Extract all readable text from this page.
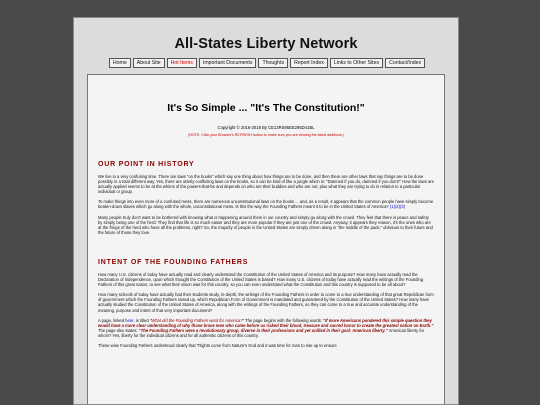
All-States Liberty Network
Home	About Site	Hot Items	Important Documents	Thoughts	Report Index	Links to Other Sites	Contact/Index
It's So Simple ... "It's The Constitution!"
Copyright © 2016-2019 By CE13RS95EE295D41BL
(NOTE: Click your Browser's REFRESH button to make sure you are viewing the latest additions.)
OUR POINT IN HISTORY

We live in a very confusing time. There are laws "on the books" which say one thing about how things are to be done, and then there are other laws that say things are to be done possibly in a total different way. Yes, there are utterly conflicting laws on the books, so it can be kind of like a jungle which is: "Damned if you do, damned if you don't!" How the laws are actually applied seems to be at the whims of the powers-that-be and depends on who are their buddies and who are not, plus what they are trying to do in relation to a particular individual or group.

To make things into even more of a confused mess, there are numerous unconstitutional laws on the books ... and, as a result, it appears that the common people have simply become beaten-down slaves which go along with the whole, unconstitutional mess. Is this the way the Founding Fathers meant it to be in the United States of America? (1)(2)(3)

Many people truly don't want to be bothered with knowing what is happening around them in our country and simply go along with the crowd. They feel that there is peace and safety by simply being one of the herd. They find that life is so much easier and they are more popular if they are just one of the crowd. Anyway, it appears they reason, it's the ones who are at the fringe of the herd who have all the problems, right? So, the majority of people in the United States are simply driven along in "the middle of the pack," oblivious to their future and the future of those they love.

INTENT OF THE FOUNDING FATHERS

How many U.S. citizens of today have actually read and clearly understand the Constitution of the United States of America and its purpose? How many have actually read the Declaration of Independence, upon which thought the Constitution of the United States is based? How many U.S. citizens of today have actually read the writings of the Founding Fathers of this great nation, to see what their vision was for this country, so you can even understand what the Constitution and this country is supposed to be all about?

How many schools of today have actually had their students study, in-depth, the writings of the Founding Fathers in order to come to a true understanding of that great Republican form of government which the Founding Fathers raised up, which Republican Form of Government is mandated and guaranteed by the Constitution of the United States? How many have actually studied the Constitution of the United States of America, along with the writings of the Founding Fathers, so they can come to a true and accurate understanding of the meaning, purpose and intent of that very important document?

A page, linked here, is titled "What did the Founding Fathers want for America?" The page begins with the following words: "If more Americans pondered this simple question they would have a more clear understanding of why those brave men who came before us risked their blood, treasure and sacred honor to create the greatest nation on Earth." The page also states: "The Founding Fathers were a revolutionary group, diverse in their professions and yet unified in their goal: American liberty." American liberty for whom? Yes, liberty for the individual citizens and for all authentic citizens of this country.

These wise Founding Fathers understood clearly that "Rights come from Nature's God and it was time for man to rise up to ensure
